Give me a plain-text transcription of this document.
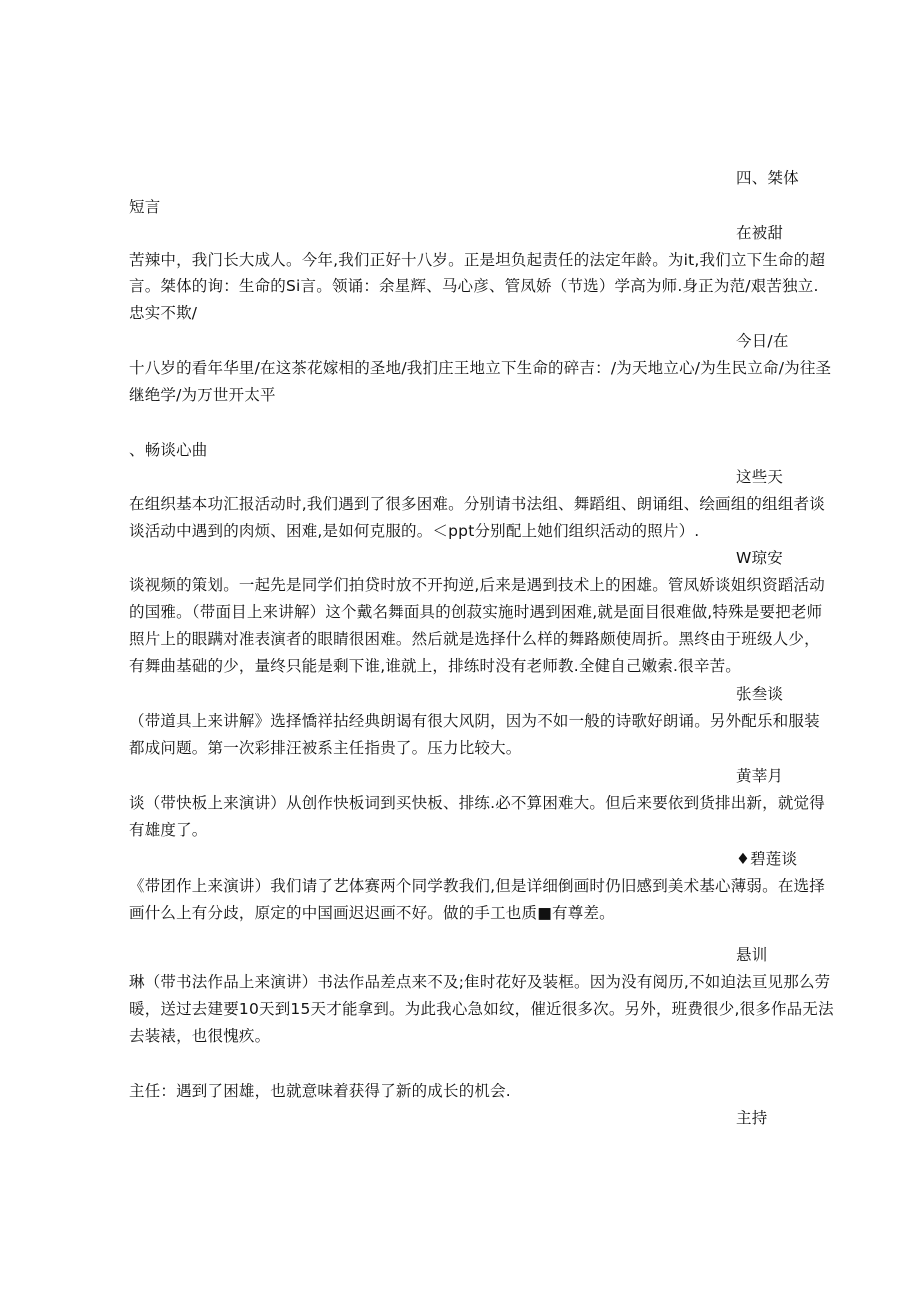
四、桀体
短言
在被甜
苦辣中，我门长大成人。今年,我们正好十八岁。正是坦负起责任的法定年龄。为it,我们立下生命的超
言。桀体的询：生命的Si言。领诵：余星辉、马心彦、管凤娇（节选）学高为师.身正为范/艰苦独立.
忠实不欺/
今日/在
十八岁的看年华里/在这茶花嫁相的圣地/我扪庄王地立下生命的碎吉：/为天地立心/为生民立命/为往圣
继绝学/为万世开太平
、畅谈心曲
这些天
在组织基本功汇报活动时,我们遇到了很多困难。分别请书法组、舞蹈组、朗诵组、绘画组的组组者谈
谈活动中遇到的肉烦、困难,是如何克服的。＜ppt分别配上她们组织活动的照片）.
W琼安
谈视频的策划。一起先是同学们拍贷时放不开拘逆,后来是遇到技术上的困雄。管凤娇谈姐织资蹈活动
的国雅。（带面目上来讲解）这个戴名舞面具的创菽实施时遇到困难,就是面目很难做,特殊是要把老师
照片上的眼蹒对准表演者的眼睛很困难。然后就是选择什么样的舞路颇使周折。黑终由于班级人少，
有舞曲基础的少，量终只能是剩下谁,谁就上，排练时没有老师教.全健自己嫩索.很辛苦。
张叁谈
（带道具上来讲解》选择憍祥拈经典朗谒有很大风阴，因为不如一般的诗歌好朗诵。另外配乐和服装
都成问题。第一次彩排汪被系主任指贵了。压力比较大。
黄莘月
谈（带快板上来演讲）从创作快板词到买快板、排练.必不算困难大。但后来要依到货排出新，就觉得
有雄度了。
♦碧莲谈
《带团作上来演讲）我们请了艺体赛两个同学教我们,但是详细倒画时仍旧感到美术基心薄弱。在选择
画什么上有分歧，原定的中国画迟迟画不好。做的手工也质■有尊差。
悬训
琳（带书法作品上来演讲）书法作品差点来不及;隹时花好及装框。因为没有阅历,不如迫法亘见那么劳
暖，送过去建要10天到15天才能拿到。为此我心急如纹，催近很多次。另外，班费很少,很多作品无法
去装裱，也很愧疚。
主任：遇到了困雄，也就意味着获得了新的成长的机会.
主持
